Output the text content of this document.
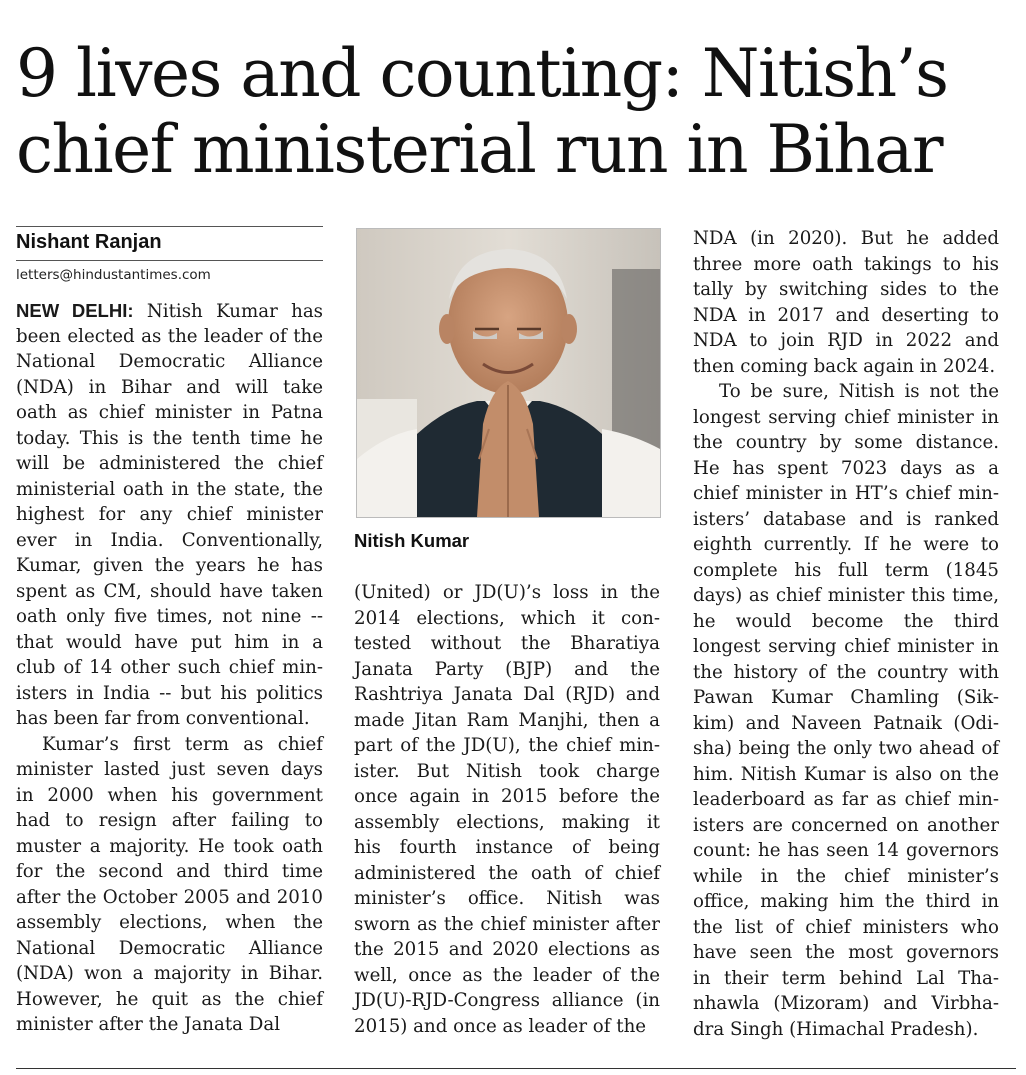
9 lives and counting: Nitish’s
chief ministerial run in Bihar
Nishant Ranjan
letters@hindustantimes.com
NEW DELHI: Nitish Kumar has
been elected as the leader of the
National Democratic Alliance
(NDA) in Bihar and will take
oath as chief minister in Patna
today. This is the tenth time he
will be administered the chief
ministerial oath in the state, the
highest for any chief minister
ever in India. Conventionally,
Kumar, given the years he has
spent as CM, should have taken
oath only five times, not nine --
that would have put him in a
club of 14 other such chief min-
isters in India -- but his politics
has been far from conventional.
Kumar’s first term as chief
minister lasted just seven days
in 2000 when his government
had to resign after failing to
muster a majority. He took oath
for the second and third time
after the October 2005 and 2010
assembly elections, when the
National Democratic Alliance
(NDA) won a majority in Bihar.
However, he quit as the chief
minister after the Janata Dal
Nitish Kumar
(United) or JD(U)’s loss in the
2014 elections, which it con-
tested without the Bharatiya
Janata Party (BJP) and the
Rashtriya Janata Dal (RJD) and
made Jitan Ram Manjhi, then a
part of the JD(U), the chief min-
ister. But Nitish took charge
once again in 2015 before the
assembly elections, making it
his fourth instance of being
administered the oath of chief
minister’s office. Nitish was
sworn as the chief minister after
the 2015 and 2020 elections as
well, once as the leader of the
JD(U)-RJD-Congress alliance (in
2015) and once as leader of the
NDA (in 2020). But he added
three more oath takings to his
tally by switching sides to the
NDA in 2017 and deserting to
NDA to join RJD in 2022 and
then coming back again in 2024.
To be sure, Nitish is not the
longest serving chief minister in
the country by some distance.
He has spent 7023 days as a
chief minister in HT’s chief min-
isters’ database and is ranked
eighth currently. If he were to
complete his full term (1845
days) as chief minister this time,
he would become the third
longest serving chief minister in
the history of the country with
Pawan Kumar Chamling (Sik-
kim) and Naveen Patnaik (Odi-
sha) being the only two ahead of
him. Nitish Kumar is also on the
leaderboard as far as chief min-
isters are concerned on another
count: he has seen 14 governors
while in the chief minister’s
office, making him the third in
the list of chief ministers who
have seen the most governors
in their term behind Lal Tha-
nhawla (Mizoram) and Virbha-
dra Singh (Himachal Pradesh).
